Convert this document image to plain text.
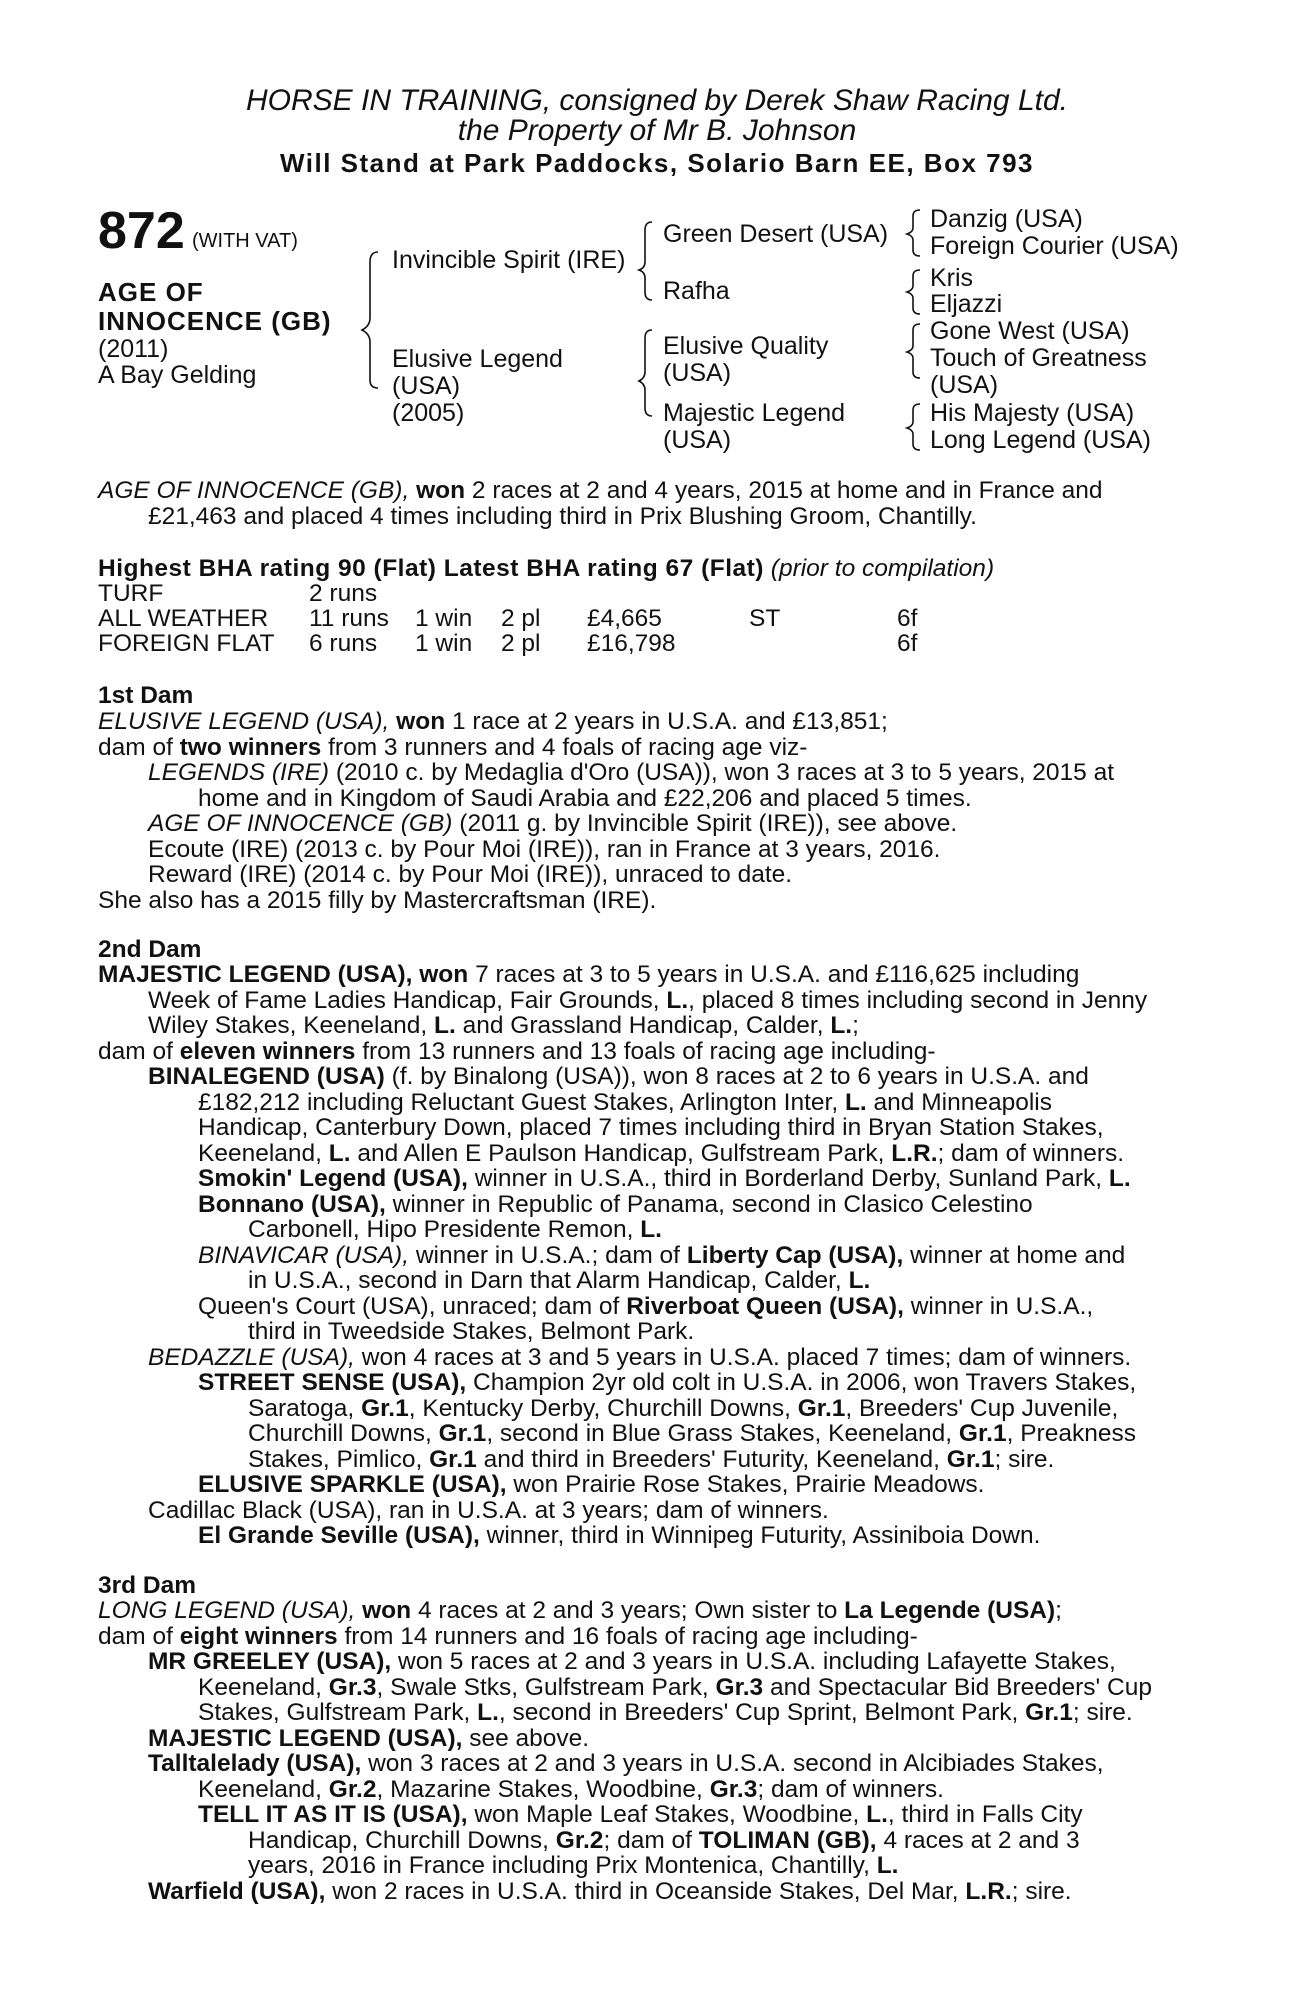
HORSE IN TRAINING, consigned by Derek Shaw Racing Ltd.
the Property of Mr B. Johnson
Will Stand at Park Paddocks, Solario Barn EE, Box 793
872 (WITH VAT)
AGE OF
INNOCENCE (GB)
(2011)
A Bay Gelding
Invincible Spirit (IRE)
Elusive Legend
(USA)
(2005)
Green Desert (USA)
Rafha
Elusive Quality
(USA)
Majestic Legend
(USA)
Danzig (USA)
Foreign Courier (USA)
Kris
Eljazzi
Gone West (USA)
Touch of Greatness
(USA)
His Majesty (USA)
Long Legend (USA)
AGE OF INNOCENCE (GB), won 2 races at 2 and 4 years, 2015 at home and in France and
£21,463 and placed 4 times including third in Prix Blushing Groom, Chantilly.
Highest BHA rating 90 (Flat) Latest BHA rating 67 (Flat) (prior to compilation)
TURF	2 runs
ALL WEATHER 11 runs 1 win 2 pl £4,665	ST	6f
FOREIGN FLAT 6 runs 1 win 2 pl £16,798	6f
1st Dam
ELUSIVE LEGEND (USA), won 1 race at 2 years in U.S.A. and £13,851;
dam of two winners from 3 runners and 4 foals of racing age viz-
LEGENDS (IRE) (2010 c. by Medaglia d'Oro (USA)), won 3 races at 3 to 5 years, 2015 at
home and in Kingdom of Saudi Arabia and £22,206 and placed 5 times.
AGE OF INNOCENCE (GB) (2011 g. by Invincible Spirit (IRE)), see above.
Ecoute (IRE) (2013 c. by Pour Moi (IRE)), ran in France at 3 years, 2016.
Reward (IRE) (2014 c. by Pour Moi (IRE)), unraced to date.
She also has a 2015 filly by Mastercraftsman (IRE).
2nd Dam
MAJESTIC LEGEND (USA), won 7 races at 3 to 5 years in U.S.A. and £116,625 including
Week of Fame Ladies Handicap, Fair Grounds, L., placed 8 times including second in Jenny
Wiley Stakes, Keeneland, L. and Grassland Handicap, Calder, L.;
dam of eleven winners from 13 runners and 13 foals of racing age including-
BINALEGEND (USA) (f. by Binalong (USA)), won 8 races at 2 to 6 years in U.S.A. and
£182,212 including Reluctant Guest Stakes, Arlington Inter, L. and Minneapolis
Handicap, Canterbury Down, placed 7 times including third in Bryan Station Stakes,
Keeneland, L. and Allen E Paulson Handicap, Gulfstream Park, L.R.; dam of winners.
Smokin' Legend (USA), winner in U.S.A., third in Borderland Derby, Sunland Park, L.
Bonnano (USA), winner in Republic of Panama, second in Clasico Celestino
Carbonell, Hipo Presidente Remon, L.
BINAVICAR (USA), winner in U.S.A.; dam of Liberty Cap (USA), winner at home and
in U.S.A., second in Darn that Alarm Handicap, Calder, L.
Queen's Court (USA), unraced; dam of Riverboat Queen (USA), winner in U.S.A.,
third in Tweedside Stakes, Belmont Park.
BEDAZZLE (USA), won 4 races at 3 and 5 years in U.S.A. placed 7 times; dam of winners.
STREET SENSE (USA), Champion 2yr old colt in U.S.A. in 2006, won Travers Stakes,
Saratoga, Gr.1, Kentucky Derby, Churchill Downs, Gr.1, Breeders' Cup Juvenile,
Churchill Downs, Gr.1, second in Blue Grass Stakes, Keeneland, Gr.1, Preakness
Stakes, Pimlico, Gr.1 and third in Breeders' Futurity, Keeneland, Gr.1; sire.
ELUSIVE SPARKLE (USA), won Prairie Rose Stakes, Prairie Meadows.
Cadillac Black (USA), ran in U.S.A. at 3 years; dam of winners.
El Grande Seville (USA), winner, third in Winnipeg Futurity, Assiniboia Down.
3rd Dam
LONG LEGEND (USA), won 4 races at 2 and 3 years; Own sister to La Legende (USA);
dam of eight winners from 14 runners and 16 foals of racing age including-
MR GREELEY (USA), won 5 races at 2 and 3 years in U.S.A. including Lafayette Stakes,
Keeneland, Gr.3, Swale Stks, Gulfstream Park, Gr.3 and Spectacular Bid Breeders' Cup
Stakes, Gulfstream Park, L., second in Breeders' Cup Sprint, Belmont Park, Gr.1; sire.
MAJESTIC LEGEND (USA), see above.
Talltalelady (USA), won 3 races at 2 and 3 years in U.S.A. second in Alcibiades Stakes,
Keeneland, Gr.2, Mazarine Stakes, Woodbine, Gr.3; dam of winners.
TELL IT AS IT IS (USA), won Maple Leaf Stakes, Woodbine, L., third in Falls City
Handicap, Churchill Downs, Gr.2; dam of TOLIMAN (GB), 4 races at 2 and 3
years, 2016 in France including Prix Montenica, Chantilly, L.
Warfield (USA), won 2 races in U.S.A. third in Oceanside Stakes, Del Mar, L.R.; sire.
